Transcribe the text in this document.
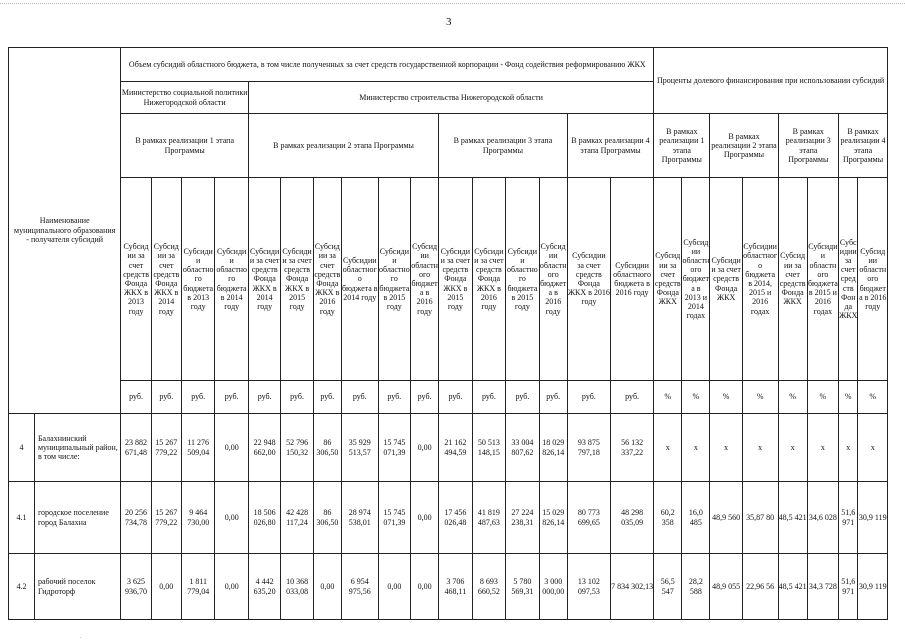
3
Наименование муниципального образования - получателя субсидий		Объем субсидий областного бюджета, в том числе полученных за счет средств государственной корпорации - Фонд содействия реформированию ЖКХ																Проценты долевого финансирования при использовании субсидий							
		Министерство социальной политики Нижегородской области				Министерство строительства Нижегородской области																			
		В рамках реализации 1 этапа Программы				В рамках реализации 2 этапа Программы						В рамках реализации 3 этапа Программы				В рамках реализации 4 этапа Программы		В рамках реализации 1 этапа Программы		В рамках реализации 2 этапа Программы		В рамках реализации 3 этапа Программы		В рамках реализации 4 этапа Программы	
		Субсидии за счет средств Фонда ЖКХ в 2013 году	Субсидии за счет средств Фонда ЖКХ в 2014 году	Субсидии областного бюджета в 2013 году	Субсидии областного бюджета в 2014 году	Субсидии за счет средств Фонда ЖКХ в 2014 году	Субсидии за счет средств Фонда ЖКХ в 2015 году	Субсидии за счет средств Фонда ЖКХ в 2016 году	Субсидии областного бюджета в 2014 году	Субсидии областного бюджета в 2015 году	Субсидии областного бюджета в 2016 году	Субсидии за счет средств Фонда ЖКХ в 2015 году	Субсидии за счет средств Фонда ЖКХ в 2016 году	Субсидии областного бюджета в 2015 году	Субсидии областного бюджета в 2016 году	Субсидии за счет средств Фонда ЖКХ в 2016 году	Субсидии областного бюджета в 2016 году	Субсидии за счет средств Фонда ЖКХ	Субсидии областного бюджета в 2013 и 2014 годах	Субсидии за счет средств Фонда ЖКХ	Субсидии областного бюджета в 2014, 2015 и 2016 годах	Субсидии за счет средств Фонда ЖКХ	Субсидии областного бюджета в 2015 и 2016 годах	Субсидии за счет средств Фонда ЖКХ	Субсидии областного бюджета в 2016 году
		руб.	руб.	руб.	руб.	руб.	руб.	руб.	руб.	руб.	руб.	руб.	руб.	руб.	руб.	руб.	руб.	%	%	%	%	%	%	%	%
4	Балахнинский муниципальный район, в том числе:	23 882 671,48	15 267 779,22	11 276 509,04	0,00	22 948 662,00	52 796 150,32	86 306,50	35 929 513,57	15 745 071,39	0,00	21 162 494,59	50 513 148,15	33 004 807,62	18 029 826,14	93 875 797,18	56 132 337,22	x	x	x	x	x	x	x	x
4.1	городское поселение город Балахна	20 256 734,78	15 267 779,22	9 464 730,00	0,00	18 506 026,80	42 428 117,24	86 306,50	28 974 538,01	15 745 071,39	0,00	17 456 026,48	41 819 487,63	27 224 238,31	15 029 826,14	80 773 699,65	48 298 035,09	60,2 358	16,0 485	48,9 560	35,87 80	48,5 421	34,6 028	51,6 971	30,9 119
4.2	рабочий поселок Гидроторф	3 625 936,70	0,00	1 811 779,04	0,00	4 442 635,20	10 368 033,08	0,00	6 954 975,56	0,00	0,00	3 706 468,11	8 693 660,52	5 780 569,31	3 000 000,00	13 102 097,53	7 834 302,13	56,5 547	28,2 588	48,9 055	22,96 56	48,5 421	34,3 728	51,6 971	30,9 119
.
